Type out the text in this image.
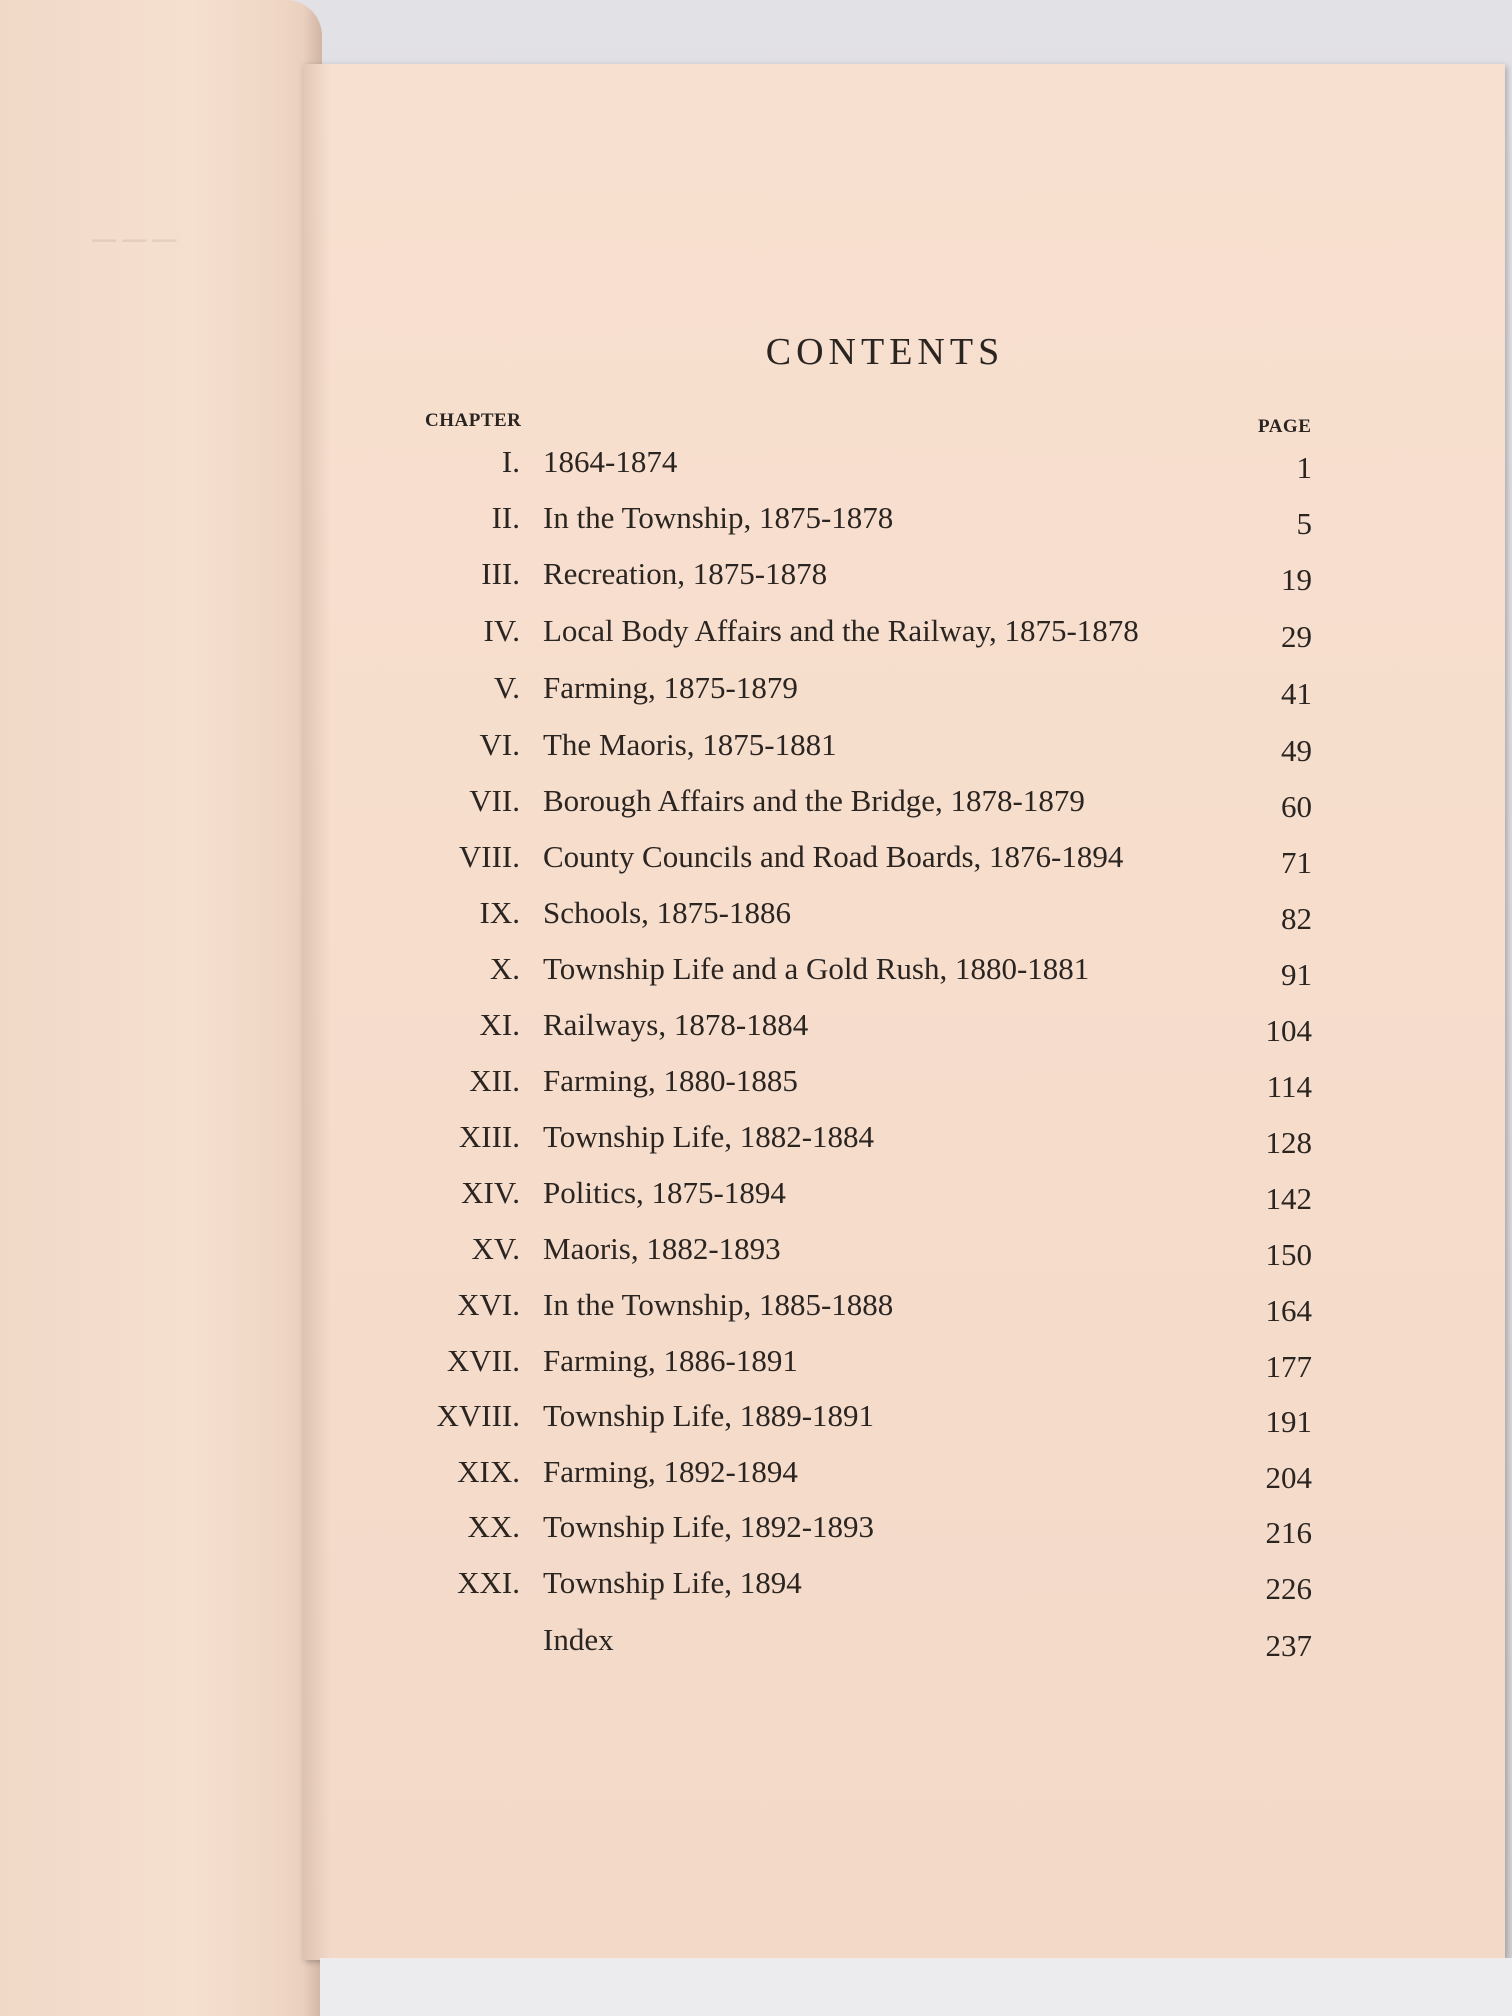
───
CONTENTS
CHAPTER	PAGE
I. 1864-1874	1
II. In the Township, 1875-1878	5
III. Recreation, 1875-1878	19
IV. Local Body Affairs and the Railway, 1875-1878	29
V. Farming, 1875-1879	41
VI. The Maoris, 1875-1881	49
VII. Borough Affairs and the Bridge, 1878-1879	60
VIII. County Councils and Road Boards, 1876-1894	71
IX. Schools, 1875-1886	82
X. Township Life and a Gold Rush, 1880-1881	91
XI. Railways, 1878-1884	104
XII. Farming, 1880-1885	114
XIII. Township Life, 1882-1884	128
XIV. Politics, 1875-1894	142
XV. Maoris, 1882-1893	150
XVI. In the Township, 1885-1888	164
XVII. Farming, 1886-1891	177
XVIII. Township Life, 1889-1891	191
XIX. Farming, 1892-1894	204
XX. Township Life, 1892-1893	216
XXI. Township Life, 1894	226
Index	237
